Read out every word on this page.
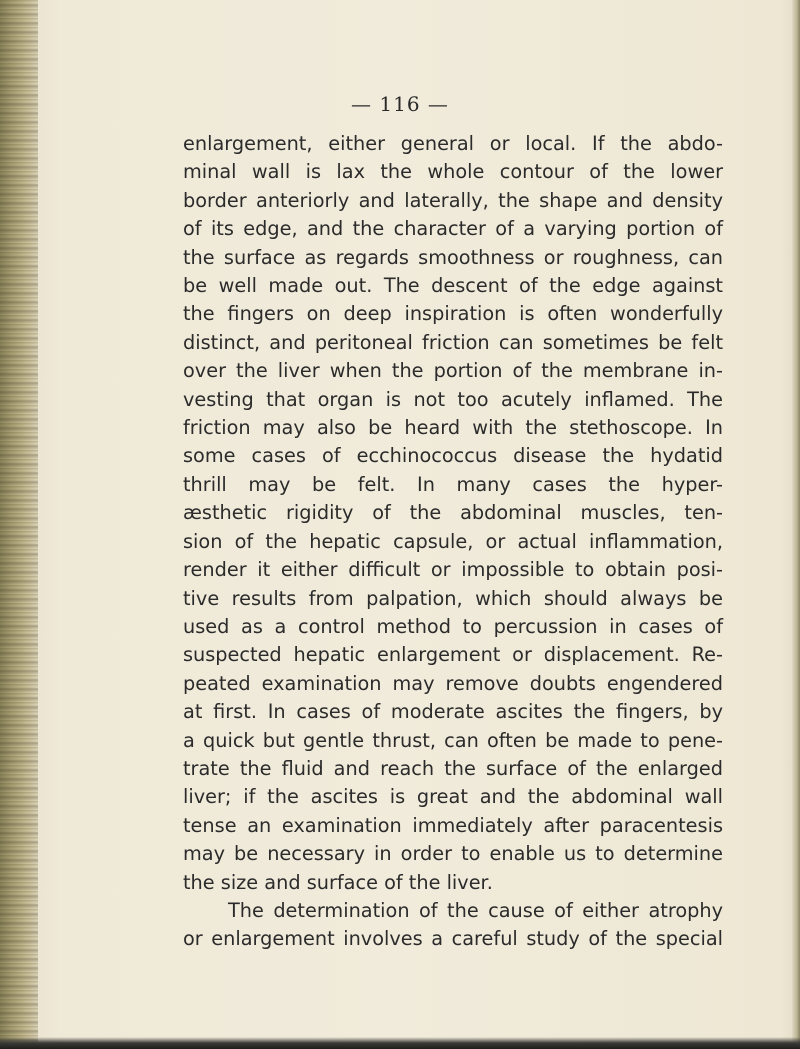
— 116 —

enlargement, either general or local. If the abdo-
minal wall is lax the whole contour of the lower
border anteriorly and laterally, the shape and density
of its edge, and the character of a varying portion of
the surface as regards smoothness or roughness, can
be well made out. The descent of the edge against
the fingers on deep inspiration is often wonderfully
distinct, and peritoneal friction can sometimes be felt
over the liver when the portion of the membrane in-
vesting that organ is not too acutely inflamed. The
friction may also be heard with the stethoscope. In
some cases of ecchinococcus disease the hydatid
thrill may be felt. In many cases the hyper-
æsthetic rigidity of the abdominal muscles, ten-
sion of the hepatic capsule, or actual inflammation,
render it either difficult or impossible to obtain posi-
tive results from palpation, which should always be
used as a control method to percussion in cases of
suspected hepatic enlargement or displacement. Re-
peated examination may remove doubts engendered
at first. In cases of moderate ascites the fingers, by
a quick but gentle thrust, can often be made to pene-
trate the fluid and reach the surface of the enlarged
liver; if the ascites is great and the abdominal wall
tense an examination immediately after paracentesis
may be necessary in order to enable us to determine
the size and surface of the liver.

The determination of the cause of either atrophy
or enlargement involves a careful study of the special
